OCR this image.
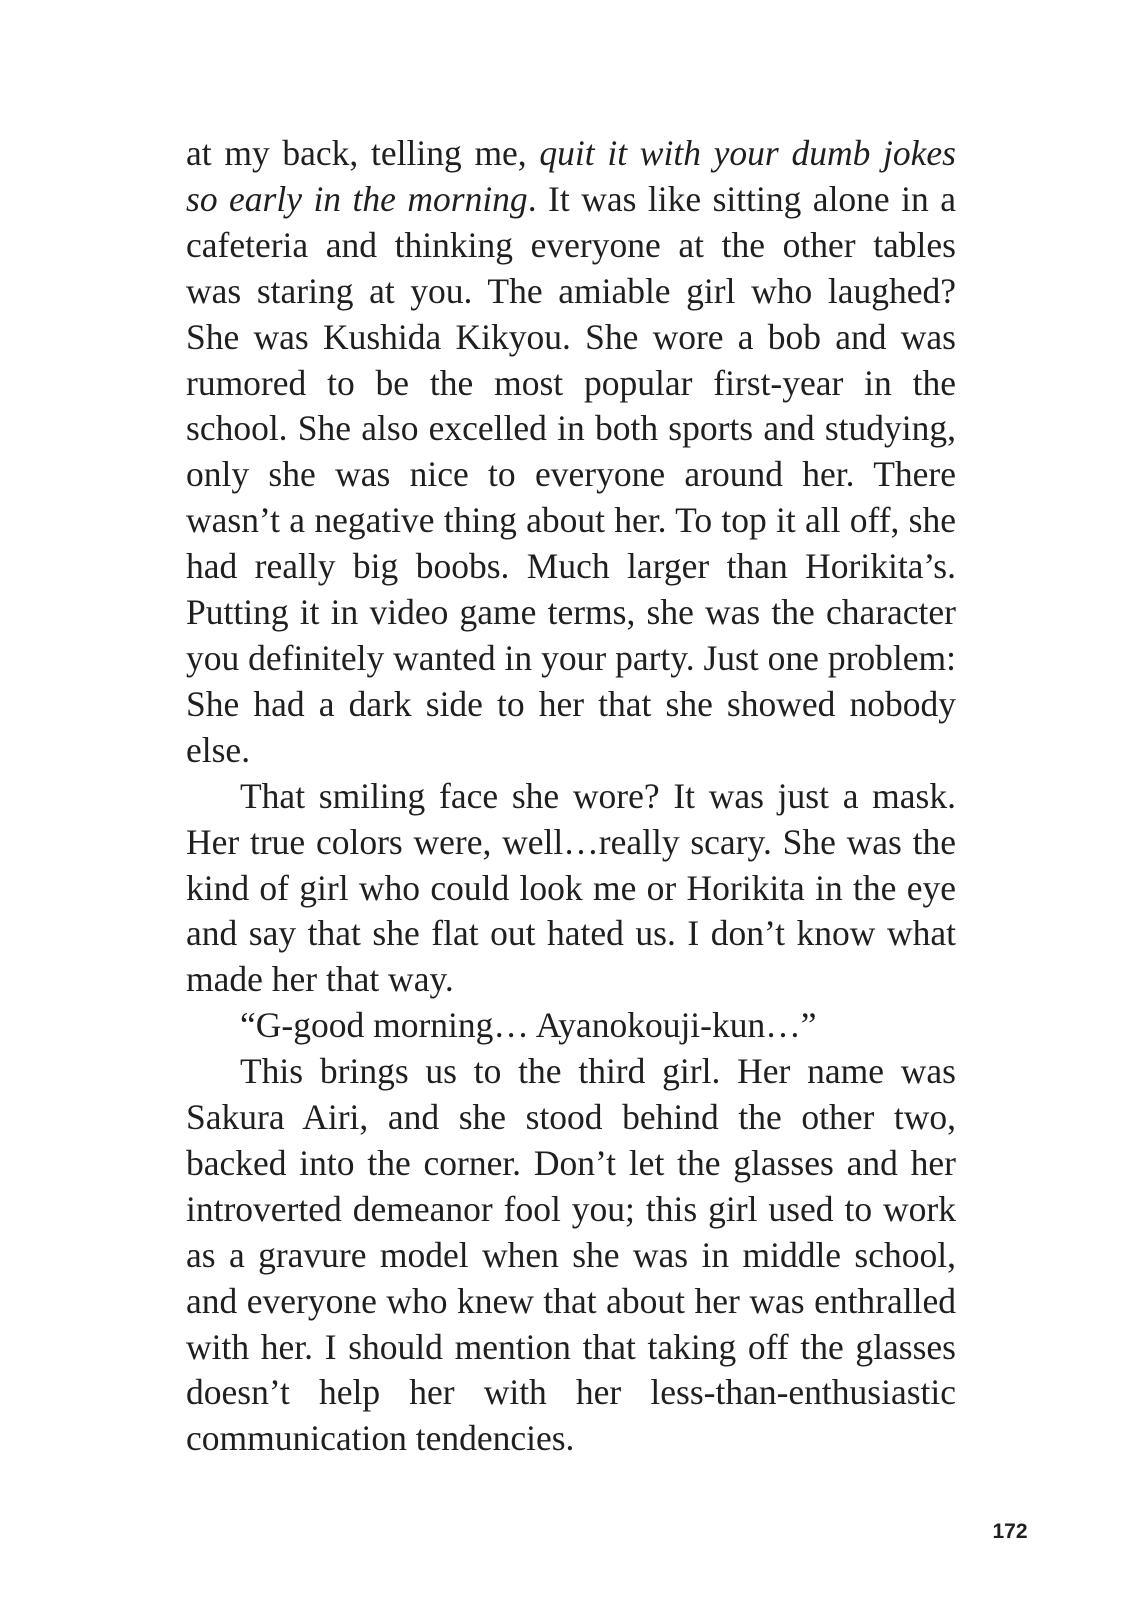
at my back, telling me, quit it with your dumb jokes so early in the morning. It was like sitting alone in a cafeteria and thinking everyone at the other tables was staring at you. The amiable girl who laughed? She was Kushida Kikyou. She wore a bob and was rumored to be the most popular first-year in the school. She also excelled in both sports and studying, only she was nice to everyone around her. There wasn’t a negative thing about her. To top it all off, she had really big boobs. Much larger than Horikita’s. Putting it in video game terms, she was the character you definitely wanted in your party. Just one problem: She had a dark side to her that she showed nobody else.

That smiling face she wore? It was just a mask. Her true colors were, well…really scary. She was the kind of girl who could look me or Horikita in the eye and say that she flat out hated us. I don’t know what made her that way.

“G-good morning… Ayanokouji-kun…”

This brings us to the third girl. Her name was Sakura Airi, and she stood behind the other two, backed into the corner. Don’t let the glasses and her introverted demeanor fool you; this girl used to work as a gravure model when she was in middle school, and everyone who knew that about her was enthralled with her. I should mention that taking off the glasses doesn’t help her with her less-than-enthusiastic communication tendencies.

172
